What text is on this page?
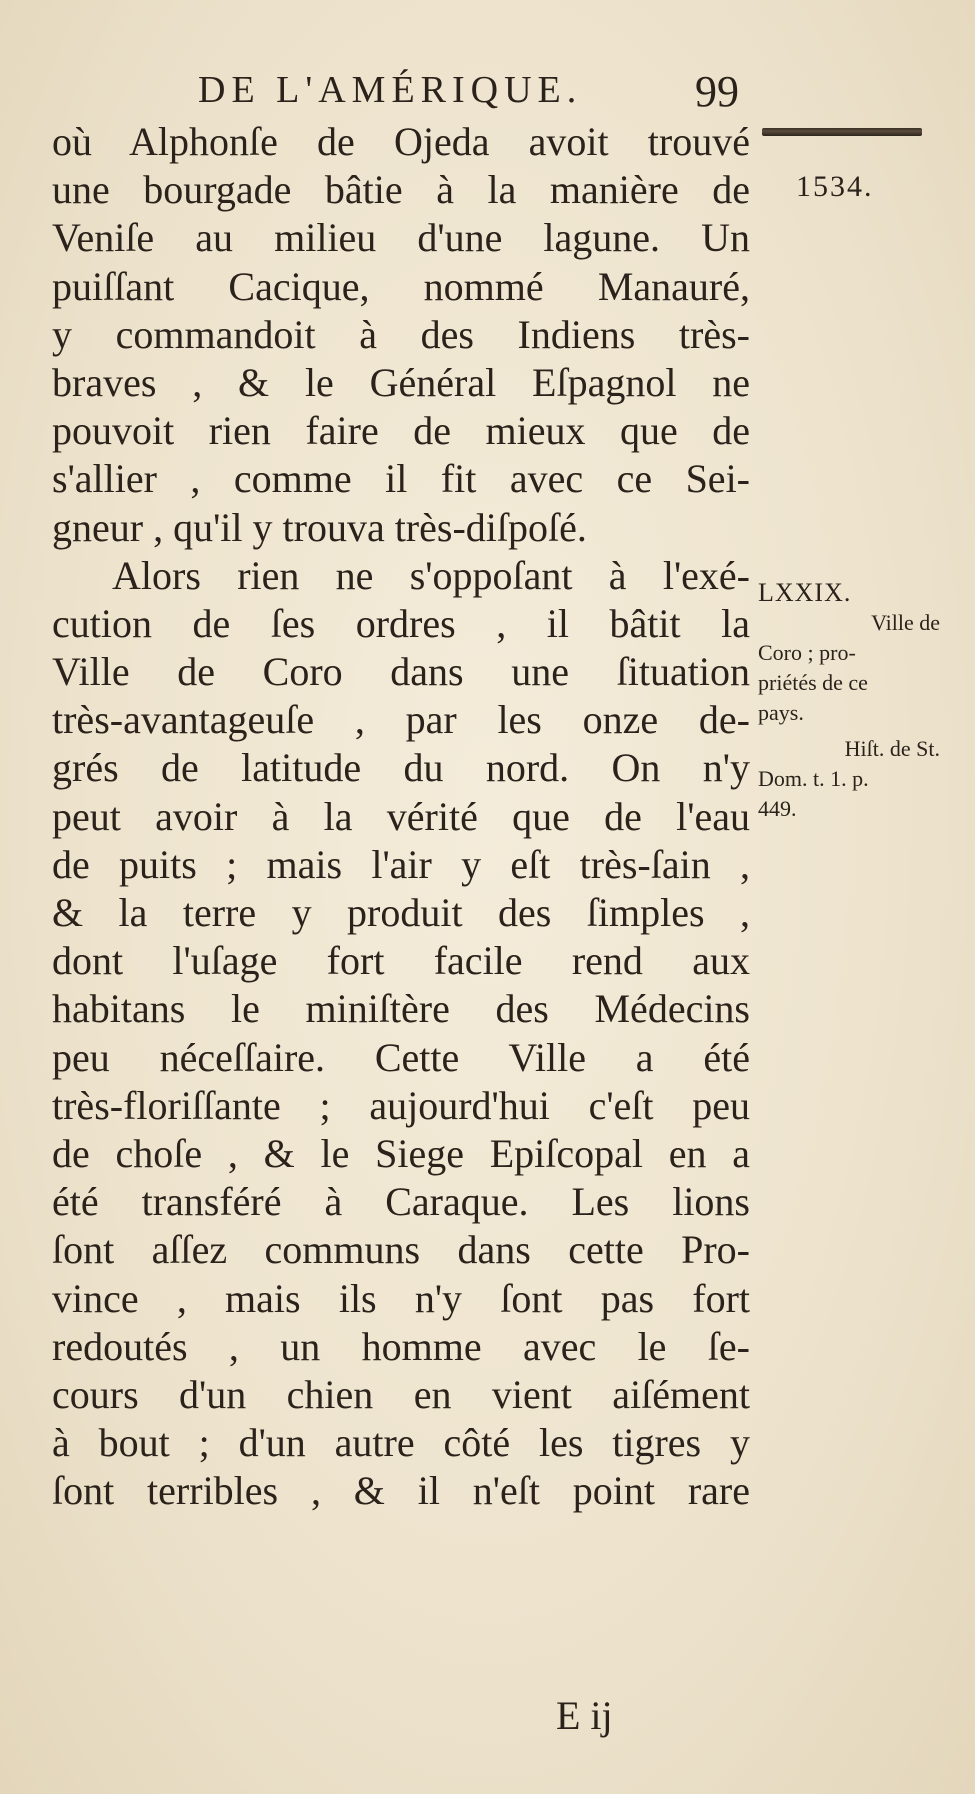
DE L'AMÉRIQUE.	99
1534.
où Alphonſe de Ojeda avoit trouvé
une bourgade bâtie à la manière de
Veniſe au milieu d'une lagune. Un
puiſſant Cacique, nommé Manauré,
y commandoit à des Indiens très-
braves , & le Général Eſpagnol ne
pouvoit rien faire de mieux que de
s'allier , comme il fit avec ce Sei-
gneur , qu'il y trouva très-diſpoſé.
Alors rien ne s'oppoſant à l'exé-
cution de ſes ordres , il bâtit la
Ville de Coro dans une ſituation
très-avantageuſe , par les onze de-
grés de latitude du nord. On n'y
peut avoir à la vérité que de l'eau
de puits ; mais l'air y eſt très-ſain ,
& la terre y produit des ſimples ,
dont l'uſage fort facile rend aux
habitans le miniſtère des Médecins
peu néceſſaire. Cette Ville a été
très-floriſſante ; aujourd'hui c'eſt peu
de choſe , & le Siege Epiſcopal en a
été transféré à Caraque. Les lions
ſont aſſez communs dans cette Pro-
vince , mais ils n'y ſont pas fort
redoutés , un homme avec le ſe-
cours d'un chien en vient aiſément
à bout ; d'un autre côté les tigres y
ſont terribles , & il n'eſt point rare
LXXIX.
Ville de
Coro ; pro-
priétés de ce
pays.
Hiſt. de St.
Dom. t. 1. p.
449.
E ij
